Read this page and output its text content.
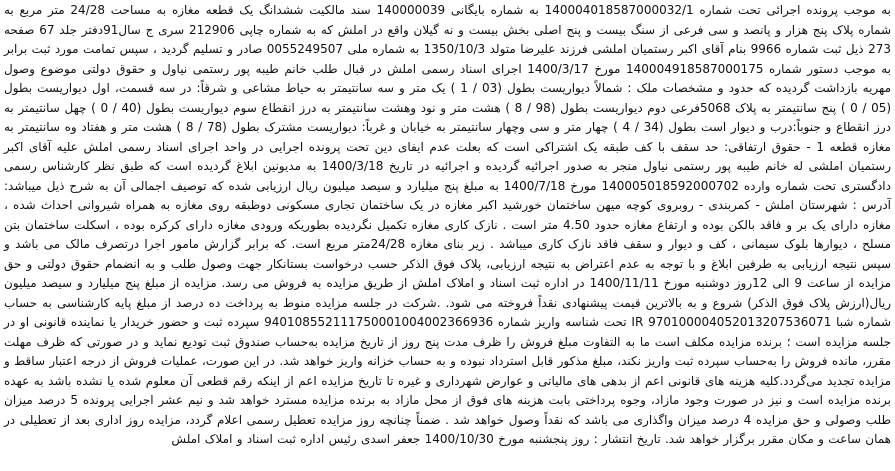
به موجب پرونده اجرائی تحت شماره 140004018587000032/1 به شماره بایگانی 140000039 سند مالکیت ششدانگ یک قطعه مغازه به مساحت 24/28 متر مربع به شماره پلاک پنج هزار و پانصد و سی فرعی از سنگ بیست و پنج اصلی بخش بیست و نه گیلان واقع در املش که به شماره چاپی 212906 سری ج سال91دفتر جلد 67 صفحه 273 ذیل ثبت شماره 9966 بنام آقای اکبر رستمیان املشی فرزند علیرضا متولد 1350/10/3 به شماره ملی 0055249507 صادر و تسلیم گردید ، سپس تمامت مورد ثبت برابر به موجب دستور شماره 140004918587000175 مورخ 1400/3/17 اجرای اسناد رسمی املش در قبال طلب خانم طیبه پور رستمی نیاول و حقوق دولتی موضوع وصول مهریه بازداشت گردیده که حدود و مشخصات ملک : شمالاً دیواریست بطول (03 / 1 ) یک متر و سه سانتیمتر به حیاط مشاعی و شرقاً: در سه قسمت، اول دیواریست بطول (05 / 0 ) پنج سانتیمتر به پلاک 5068فرعی دوم دیواریست بطول (98 / 8 ) هشت متر و نود وهشت سانتیمتر به درز انقطاع سوم دیواریست بطول (40 / 0 ) چهل سانتیمتر به درز انقطاع و جنوباً:درب و دیوار است بطول (34 / 4 ) چهار متر و سی وچهار سانتیمتر به خیابان و غرباً: دیواریست مشترک بطول (78 / 8 ) هشت متر و هفتاد وه سانتیمتر به مغازه قطعه 1 - حقوق ارتفاقی: حد سقف با کف طبقه یک اشتراکی است که بعلت عدم ایفای دین تحت پرونده اجرایی در واحد اجرای اسناد رسمی املش علیه آقای اکبر رستمیان املشی له خانم طیبه پور رستمی نیاول منجر به صدور اجرائیه گردیده و اجرائیه در تاریخ 1400/3/18 به مدیونین ابلاغ گردیده است که طبق نظر کارشناس رسمی دادگستری تحت شماره وارده 140005018592000702 مورخ 1400/7/18 به مبلغ پنج میلیارد و سیصد میلیون ریال ارزیابی شده که توصیف اجمالی آن به شرح ذیل میباشد: آدرس : شهرستان املش - کمربندی - روبروی کوچه میهن ساختمان خورشید اکبر مغازه در یک ساختمان تجاری مسکونی دوطبقه روی مغازه به همراه شیروانی احداث شده ، مغازه دارای یک بر و فاقد بالکن بوده و ارتفاع مغازه حدود 4.50 متر است . نازک کاری مغازه تکمیل نگردیده بطوریکه ورودی مغازه دارای کرکره بوده ، اسکلت ساختمان بتن مسلح ، دیوارها بلوک سیمانی ، کف و دیوار و سقف فاقد نازک کاری میباشد . زیر بنای مغازه 24/28متر مربع است. که برابر گزارش مامور اجرا درتصرف مالک می باشد و سپس نتیجه ارزیابی به طرفین ابلاغ و با توجه به عدم اعتراض به نتیجه ارزیابی، پلاک فوق الذکر حسب درخواست بستانکار جهت وصول طلب و به انضمام حقوق دولتی و حق مزایده از ساعت 9 الی 12روز دوشنبه مورخ 1400/11/11 در اداره ثبت اسناد و املاک املش از طریق مزایده به فروش می رسد. مزایده از مبلغ پنج میلیارد و سیصد میلیون ریال(ارزش پلاک فوق الذکر) شروع و به بالاترین قیمت پیشنهادی نقداً فروخته می شود. .شرکت در جلسه مزایده منوط به پرداخت ده درصد از مبلغ پایه کارشناسی به حساب شماره شبا IR 970100004052013207536071 تحت شناسه واریز شماره 940108552111750001004002366936 سپرده ثبت و حضور خریدار یا نماینده قانونی او در جلسه مزایده است ؛ برنده مزایده مکلف است ما به التفاوت مبلغ فروش را ظرف مدت پنج روز از تاریخ مزایده به‌حساب صندوق ثبت تودیع نماید و در صورتی که ظرف مهلت مقرر، مانده فروش را به‌حساب سپرده ثبت واریز نکند، مبلغ مذکور قابل استرداد نبوده و به حساب خزانه واریز خواهد شد. در این صورت، عملیات فروش از درجه اعتبار ساقط و مزایده تجدید می‌گردد.کلیه هزینه های قانونی اعم از بدهی های مالیاتی و عوارض شهرداری و غیره تا تاریخ مزایده اعم از اینکه رقم قطعی آن معلوم شده یا نشده باشد به عهده برنده مزایده است و نیز در صورت وجود مازاد، وجوه پرداختی بابت هزینه های فوق از محل مازاد به برنده مزایده مسترد خواهد شد و نیم عشر اجرایی پرونده 5 درصد میزان طلب وصولی و حق مزایده 4 درصد میزان واگذاری می باشد که نقداً وصول خواهد شد . ضمناً چنانچه روز مزایده تعطیل رسمی اعلام گردد، مزایده روز اداری بعد از تعطیلی در همان ساعت و مکان مقرر برگزار خواهد شد. تاریخ انتشار : روز پنجشنبه مورخ 1400/10/30 جعفر اسدی رئیس اداره ثبت اسناد و املاک املش
